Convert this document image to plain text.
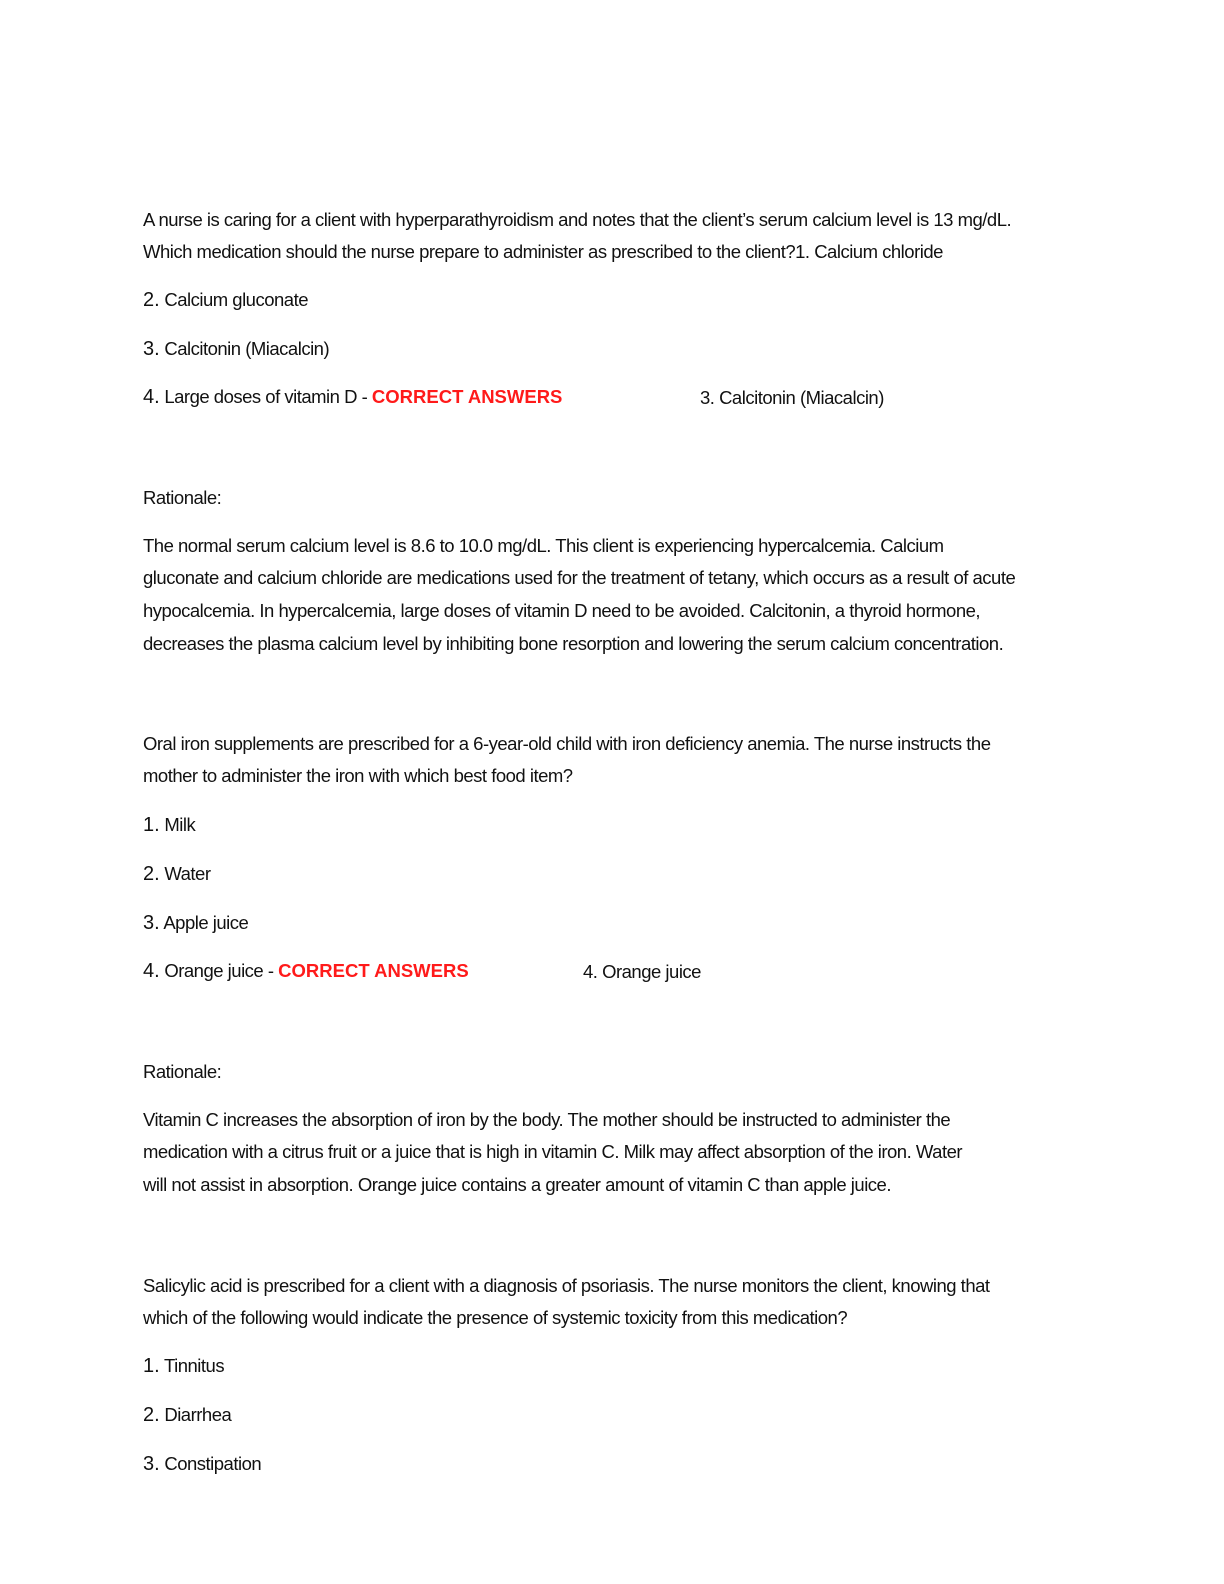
A nurse is caring for a client with hyperparathyroidism and notes that the client’s serum calcium level is 13 mg/dL.
Which medication should the nurse prepare to administer as prescribed to the client?1. Calcium chloride
2. Calcium gluconate
3. Calcitonin (Miacalcin)
4. Large doses of vitamin D - CORRECT ANSWERS	3. Calcitonin (Miacalcin)
Rationale:
The normal serum calcium level is 8.6 to 10.0 mg/dL. This client is experiencing hypercalcemia. Calcium
gluconate and calcium chloride are medications used for the treatment of tetany, which occurs as a result of acute
hypocalcemia. In hypercalcemia, large doses of vitamin D need to be avoided. Calcitonin, a thyroid hormone,
decreases the plasma calcium level by inhibiting bone resorption and lowering the serum calcium concentration.
Oral iron supplements are prescribed for a 6-year-old child with iron deficiency anemia. The nurse instructs the
mother to administer the iron with which best food item?
1. Milk
2. Water
3. Apple juice
4. Orange juice - CORRECT ANSWERS	4. Orange juice
Rationale:
Vitamin C increases the absorption of iron by the body. The mother should be instructed to administer the
medication with a citrus fruit or a juice that is high in vitamin C. Milk may affect absorption of the iron. Water
will not assist in absorption. Orange juice contains a greater amount of vitamin C than apple juice.
Salicylic acid is prescribed for a client with a diagnosis of psoriasis. The nurse monitors the client, knowing that
which of the following would indicate the presence of systemic toxicity from this medication?
1. Tinnitus
2. Diarrhea
3. Constipation
